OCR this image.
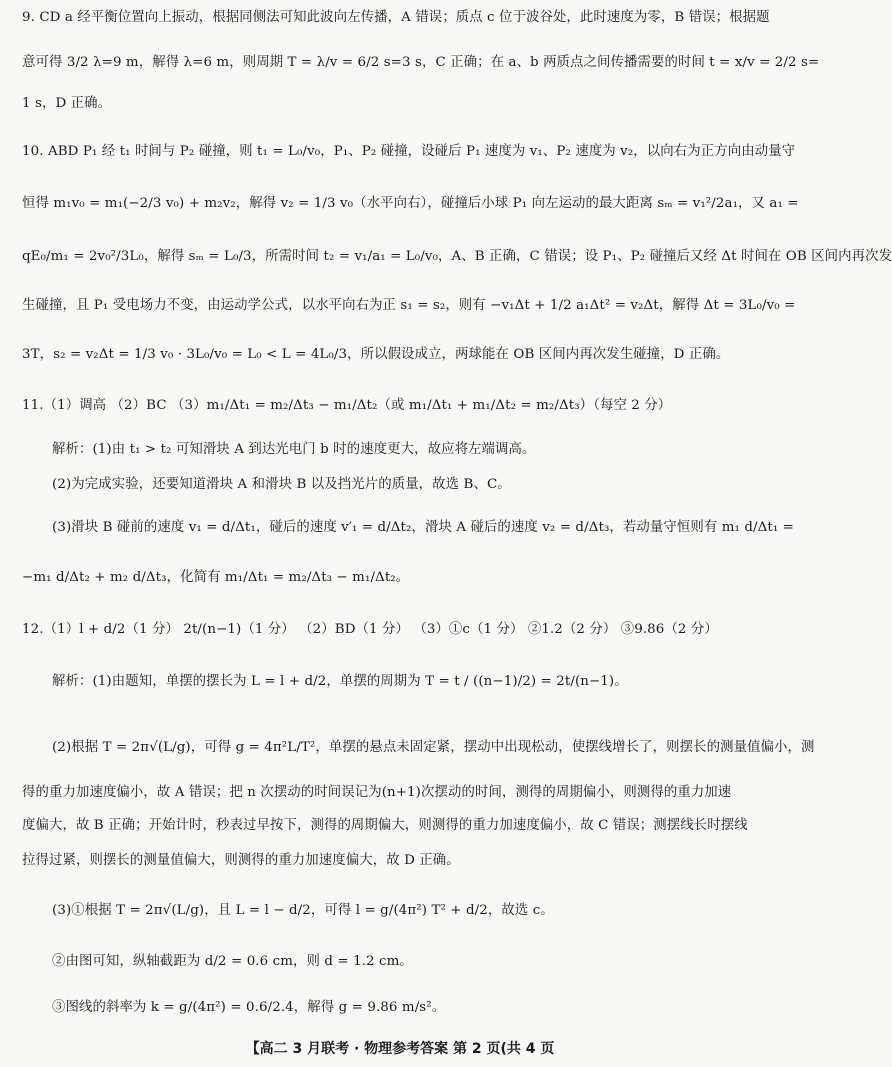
9. CD a 经平衡位置向上振动，根据同侧法可知此波向左传播，A 错误；质点 c 位于波谷处，此时速度为零，B 错误；根据题
意可得 3/2 λ=9 m，解得 λ=6 m，则周期 T = λ/v = 6/2 s=3 s，C 正确；在 a、b 两质点之间传播需要的时间 t = x/v = 2/2 s=
1 s，D 正确。
10. ABD P₁ 经 t₁ 时间与 P₂ 碰撞，则 t₁ = L₀/v₀，P₁、P₂ 碰撞，设碰后 P₁ 速度为 v₁、P₂ 速度为 v₂，以向右为正方向由动量守
恒得 m₁v₀ = m₁(−2/3 v₀) + m₂v₂，解得 v₂ = 1/3 v₀（水平向右），碰撞后小球 P₁ 向左运动的最大距离 sₘ = v₁²/2a₁，又 a₁ =
qE₀/m₁ = 2v₀²/3L₀，解得 sₘ = L₀/3，所需时间 t₂ = v₁/a₁ = L₀/v₀，A、B 正确，C 错误；设 P₁、P₂ 碰撞后又经 Δt 时间在 OB 区间内再次发
生碰撞，且 P₁ 受电场力不变，由运动学公式，以水平向右为正 s₁ = s₂，则有 −v₁Δt + 1/2 a₁Δt² = v₂Δt，解得 Δt = 3L₀/v₀ =
3T，s₂ = v₂Δt = 1/3 v₀ · 3L₀/v₀ = L₀ < L = 4L₀/3，所以假设成立，两球能在 OB 区间内再次发生碰撞，D 正确。
11.（1）调高 （2）BC （3）m₁/Δt₁ = m₂/Δt₃ − m₁/Δt₂（或 m₁/Δt₁ + m₁/Δt₂ = m₂/Δt₃）（每空 2 分）
解析：(1)由 t₁ > t₂ 可知滑块 A 到达光电门 b 时的速度更大，故应将左端调高。
(2)为完成实验，还要知道滑块 A 和滑块 B 以及挡光片的质量，故选 B、C。
(3)滑块 B 碰前的速度 v₁ = d/Δt₁，碰后的速度 v′₁ = d/Δt₂，滑块 A 碰后的速度 v₂ = d/Δt₃，若动量守恒则有 m₁ d/Δt₁ =
−m₁ d/Δt₂ + m₂ d/Δt₃，化简有 m₁/Δt₁ = m₂/Δt₃ − m₁/Δt₂。
12.（1）l + d/2（1 分） 2t/(n−1)（1 分） （2）BD（1 分） （3）①c（1 分） ②1.2（2 分） ③9.86（2 分）
解析：(1)由题知，单摆的摆长为 L = l + d/2，单摆的周期为 T = t / ((n−1)/2) = 2t/(n−1)。
(2)根据 T = 2π√(L/g)，可得 g = 4π²L/T²，单摆的悬点未固定紧，摆动中出现松动，使摆线增长了，则摆长的测量值偏小，测
得的重力加速度偏小，故 A 错误；把 n 次摆动的时间误记为(n+1)次摆动的时间，测得的周期偏小，则测得的重力加速
度偏大，故 B 正确；开始计时，秒表过早按下，测得的周期偏大，则测得的重力加速度偏小，故 C 错误；测摆线长时摆线
拉得过紧，则摆长的测量值偏大，则测得的重力加速度偏大，故 D 正确。
(3)①根据 T = 2π√(L/g)，且 L = l − d/2，可得 l = g/(4π²) T² + d/2，故选 c。
②由图可知，纵轴截距为 d/2 = 0.6 cm，则 d = 1.2 cm。
③图线的斜率为 k = g/(4π²) = 0.6/2.4，解得 g = 9.86 m/s²。
【高二 3 月联考 · 物理参考答案 第 2 页(共 4 页
